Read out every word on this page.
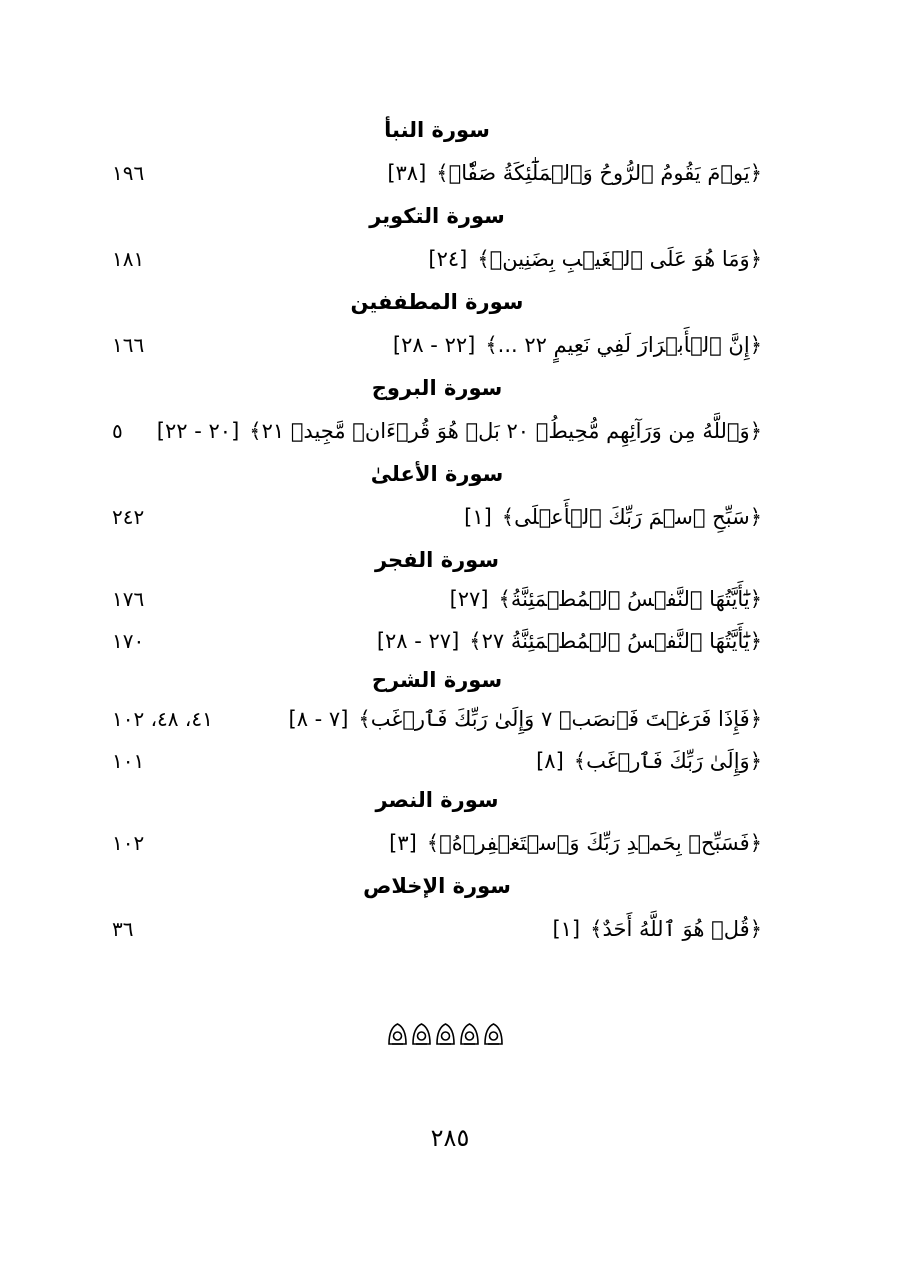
سورة النبأ
﴿
يَوۡمَ يَقُومُ ٱلرُّوحُ وَٱلۡمَلَٰٓئِكَةُ صَفّٗاۖ
﴾
[٣٨]
١٩٦
سورة التكوير
﴿
وَمَا هُوَ عَلَى ٱلۡغَيۡبِ بِضَنِينٖ
﴾
[٢٤]
١٨١
سورة المطففين
﴿
إِنَّ ٱلۡأَبۡرَارَ لَفِي نَعِيمٍ ٢٢ ...
﴾
[٢٢ - ٢٨]
١٦٦
سورة البروج
﴿
وَٱللَّهُ مِن وَرَآئِهِم مُّحِيطُۢ ٢٠ بَلۡ هُوَ قُرۡءَانٞ مَّجِيدٞ ٢١
﴾
[٢٠ - ٢٢]
٥
سورة الأعلىٰ
﴿
سَبِّحِ ٱسۡمَ رَبِّكَ ٱلۡأَعۡلَى
﴾
[١]
٢٤٢
سورة الفجر
﴿
يَٰٓأَيَّتُهَا ٱلنَّفۡسُ ٱلۡمُطۡمَئِنَّةُ
﴾
[٢٧]
١٧٦
﴿
يَٰٓأَيَّتُهَا ٱلنَّفۡسُ ٱلۡمُطۡمَئِنَّةُ ٢٧
﴾
[٢٧ - ٢٨]
١٧٠
سورة الشرح
﴿
فَإِذَا فَرَغۡتَ فَٱنصَبۡ ٧ وَإِلَىٰ رَبِّكَ فَٱرۡغَب
﴾
[٧ - ٨]
٤١، ٤٨، ١٠٢
﴿
وَإِلَىٰ رَبِّكَ فَٱرۡغَب
﴾
[٨]
١٠١
سورة النصر
﴿
فَسَبِّحۡ بِحَمۡدِ رَبِّكَ وَٱسۡتَغۡفِرۡهُۚ
﴾
[٣]
١٠٢
سورة الإخلاص
﴿
قُلۡ هُوَ ٱللَّهُ أَحَدٌ
﴾
[١]
٣٦
٢٨٥
